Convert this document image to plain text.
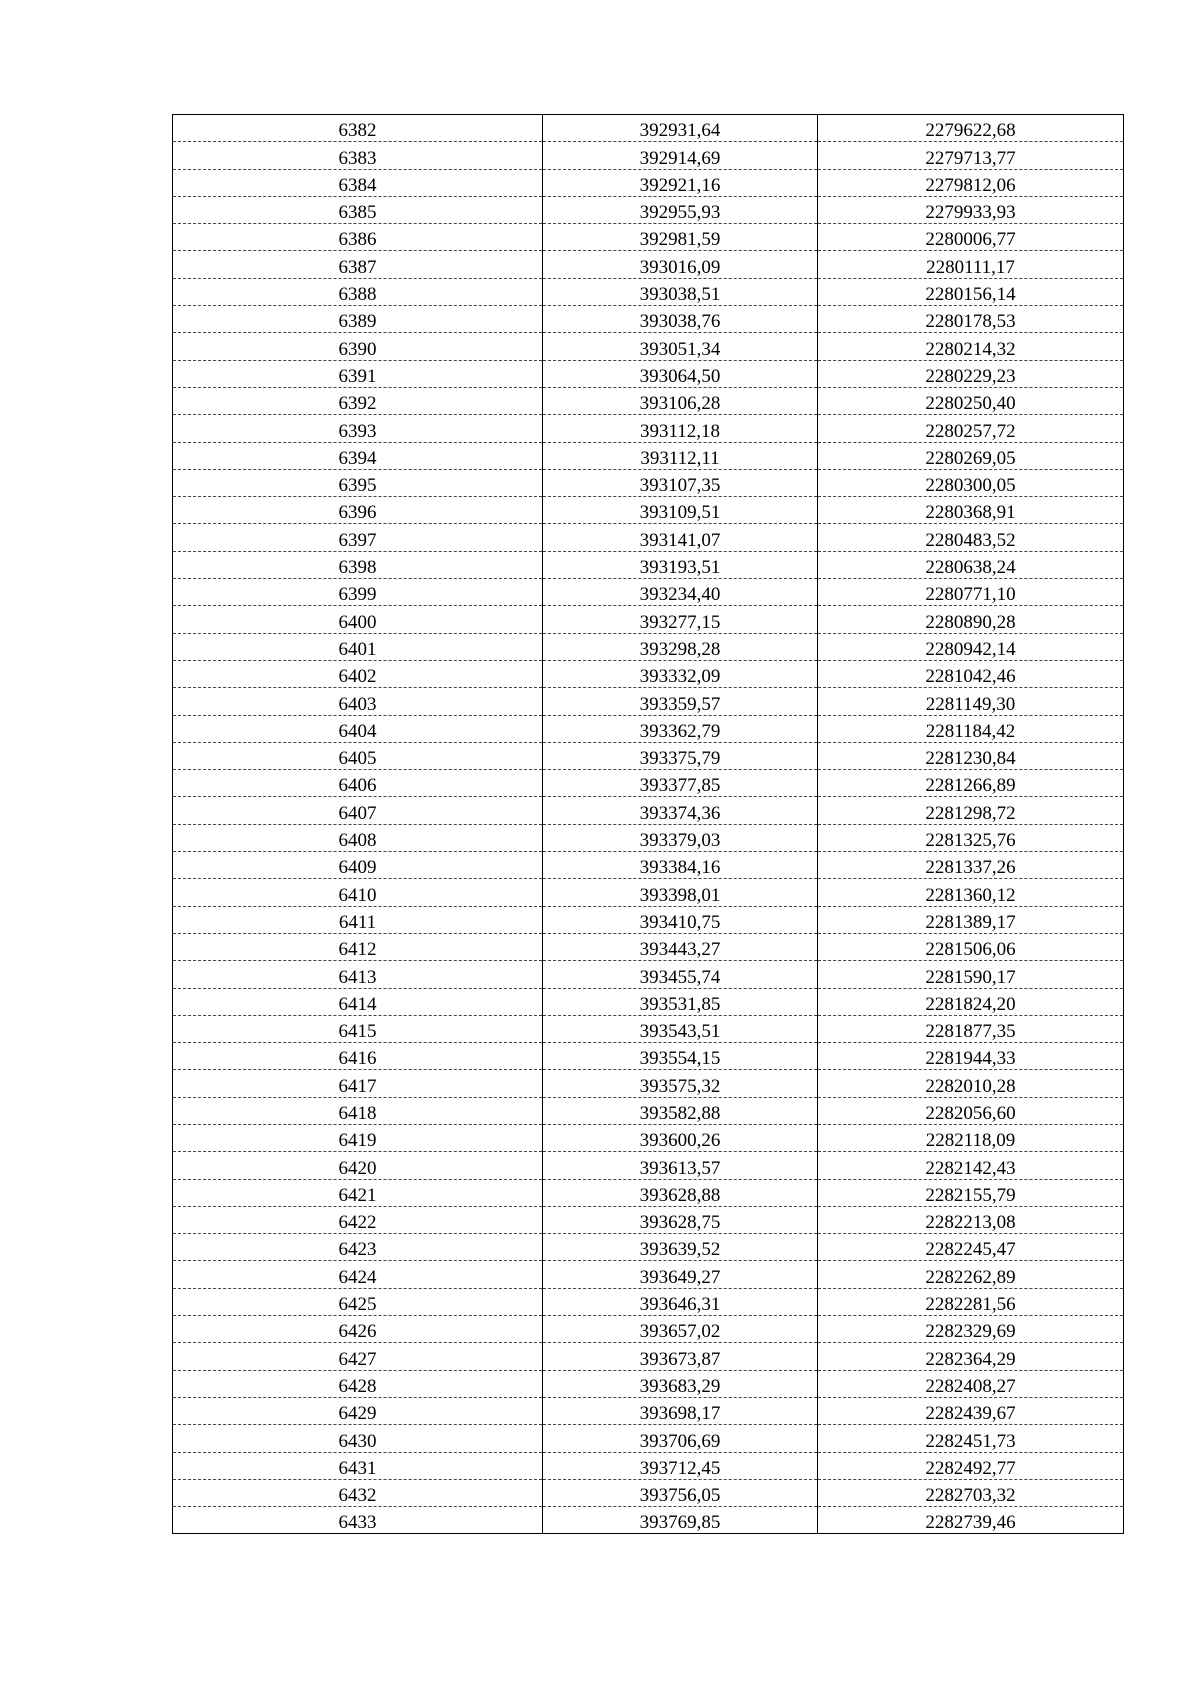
6382	392931,64	2279622,68
6383	392914,69	2279713,77
6384	392921,16	2279812,06
6385	392955,93	2279933,93
6386	392981,59	2280006,77
6387	393016,09	2280111,17
6388	393038,51	2280156,14
6389	393038,76	2280178,53
6390	393051,34	2280214,32
6391	393064,50	2280229,23
6392	393106,28	2280250,40
6393	393112,18	2280257,72
6394	393112,11	2280269,05
6395	393107,35	2280300,05
6396	393109,51	2280368,91
6397	393141,07	2280483,52
6398	393193,51	2280638,24
6399	393234,40	2280771,10
6400	393277,15	2280890,28
6401	393298,28	2280942,14
6402	393332,09	2281042,46
6403	393359,57	2281149,30
6404	393362,79	2281184,42
6405	393375,79	2281230,84
6406	393377,85	2281266,89
6407	393374,36	2281298,72
6408	393379,03	2281325,76
6409	393384,16	2281337,26
6410	393398,01	2281360,12
6411	393410,75	2281389,17
6412	393443,27	2281506,06
6413	393455,74	2281590,17
6414	393531,85	2281824,20
6415	393543,51	2281877,35
6416	393554,15	2281944,33
6417	393575,32	2282010,28
6418	393582,88	2282056,60
6419	393600,26	2282118,09
6420	393613,57	2282142,43
6421	393628,88	2282155,79
6422	393628,75	2282213,08
6423	393639,52	2282245,47
6424	393649,27	2282262,89
6425	393646,31	2282281,56
6426	393657,02	2282329,69
6427	393673,87	2282364,29
6428	393683,29	2282408,27
6429	393698,17	2282439,67
6430	393706,69	2282451,73
6431	393712,45	2282492,77
6432	393756,05	2282703,32
6433	393769,85	2282739,46
